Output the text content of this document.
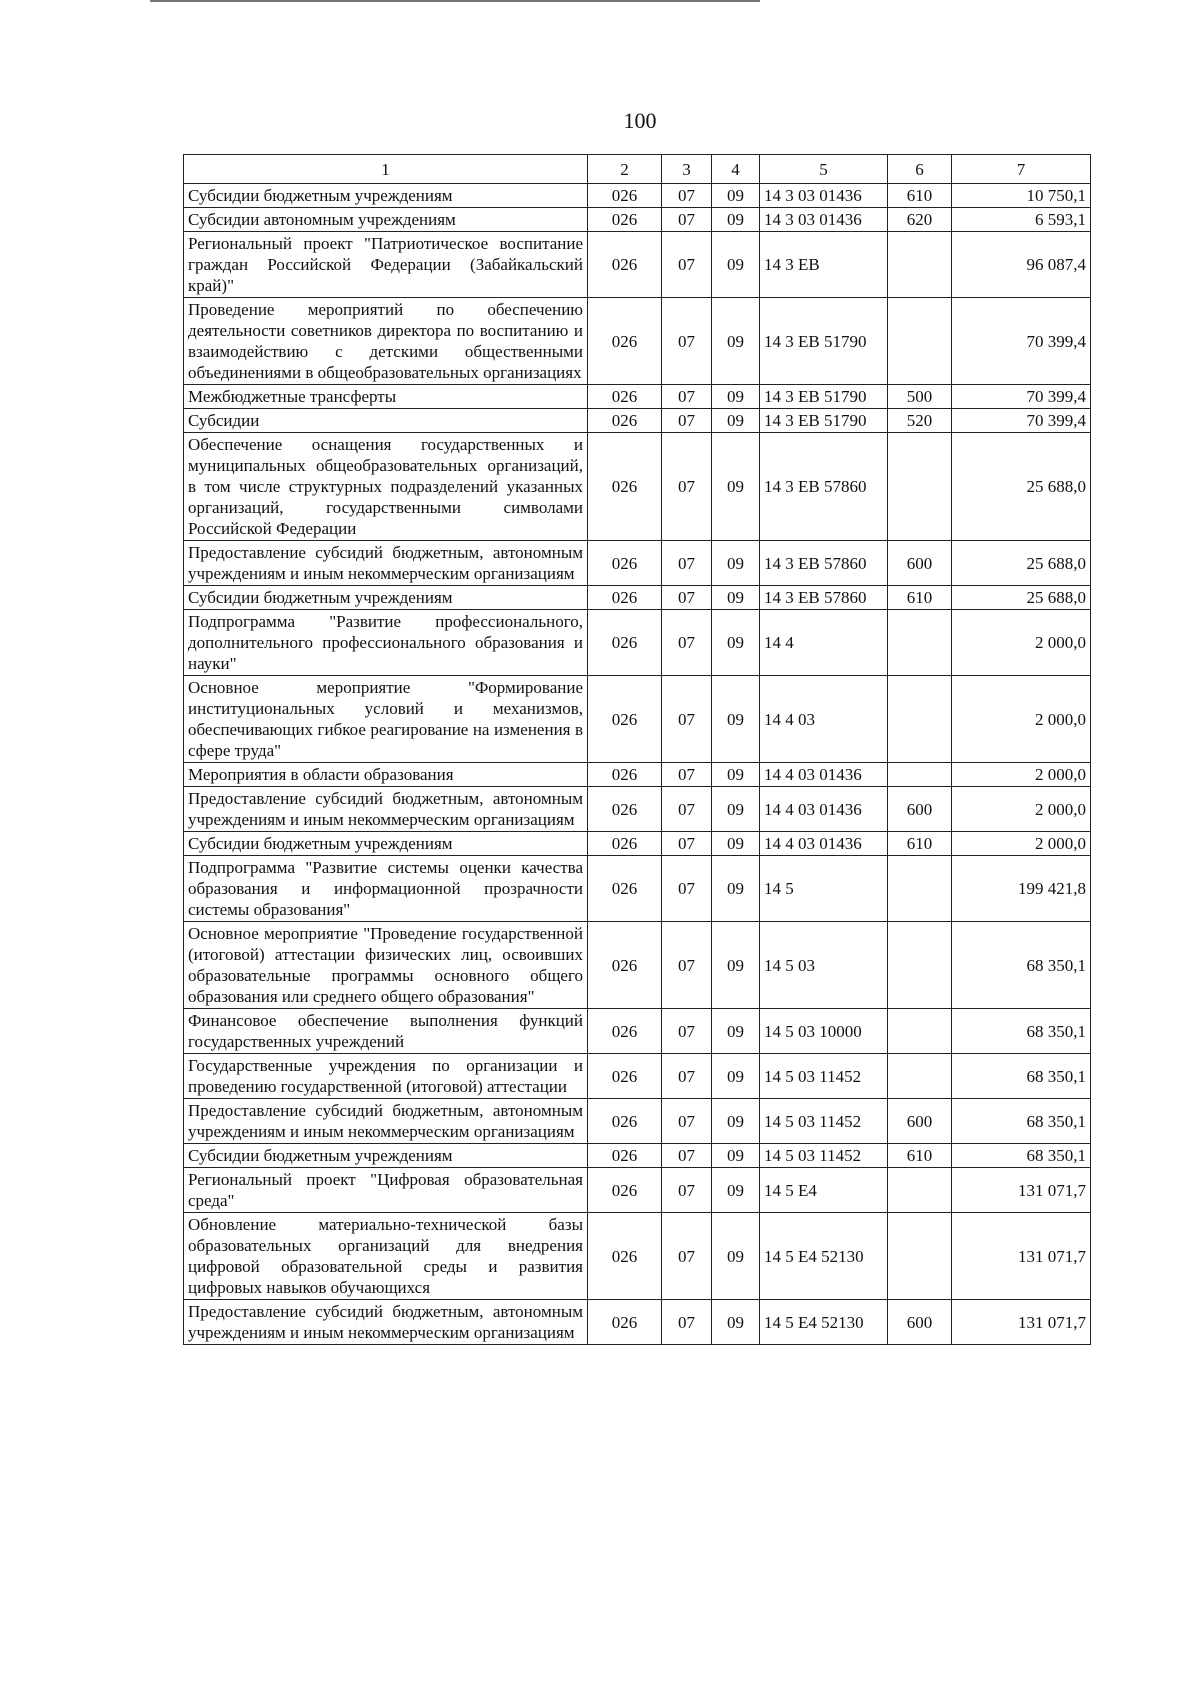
100
1	2	3	4	5	6	7
Субсидии бюджетным учреждениям	026	07	09	14 3 03 01436	610	10 750,1
Субсидии автономным учреждениям	026	07	09	14 3 03 01436	620	6 593,1
Региональный проект "Патриотическое воспитание граждан Российской Федерации (Забайкальский край)"	026	07	09	14 3 EB		96 087,4
Проведение мероприятий по обеспечению деятельности советников директора по воспитанию и взаимодействию с детскими общественными объединениями в общеобразовательных организациях	026	07	09	14 3 EB 51790		70 399,4
Межбюджетные трансферты	026	07	09	14 3 EB 51790	500	70 399,4
Субсидии	026	07	09	14 3 EB 51790	520	70 399,4
Обеспечение оснащения государственных и муниципальных общеобразовательных организаций, в том числе структурных подразделений указанных организаций, государственными символами Российской Федерации	026	07	09	14 3 EB 57860		25 688,0
Предоставление субсидий бюджетным, автономным учреждениям и иным некоммерческим организациям	026	07	09	14 3 EB 57860	600	25 688,0
Субсидии бюджетным учреждениям	026	07	09	14 3 EB 57860	610	25 688,0
Подпрограмма "Развитие профессионального, дополнительного профессионального образования и науки"	026	07	09	14 4		2 000,0
Основное мероприятие "Формирование институциональных условий и механизмов, обеспечивающих гибкое реагирование на изменения в сфере труда"	026	07	09	14 4 03		2 000,0
Мероприятия в области образования	026	07	09	14 4 03 01436		2 000,0
Предоставление субсидий бюджетным, автономным учреждениям и иным некоммерческим организациям	026	07	09	14 4 03 01436	600	2 000,0
Субсидии бюджетным учреждениям	026	07	09	14 4 03 01436	610	2 000,0
Подпрограмма "Развитие системы оценки качества образования и информационной прозрачности системы образования"	026	07	09	14 5		199 421,8
Основное мероприятие "Проведение государственной (итоговой) аттестации физических лиц, освоивших образовательные программы основного общего образования или среднего общего образования"	026	07	09	14 5 03		68 350,1
Финансовое обеспечение выполнения функций государственных учреждений	026	07	09	14 5 03 10000		68 350,1
Государственные учреждения по организации и проведению государственной (итоговой) аттестации	026	07	09	14 5 03 11452		68 350,1
Предоставление субсидий бюджетным, автономным учреждениям и иным некоммерческим организациям	026	07	09	14 5 03 11452	600	68 350,1
Субсидии бюджетным учреждениям	026	07	09	14 5 03 11452	610	68 350,1
Региональный проект "Цифровая образовательная среда"	026	07	09	14 5 E4		131 071,7
Обновление материально-технической базы образовательных организаций для внедрения цифровой образовательной среды и развития цифровых навыков обучающихся	026	07	09	14 5 E4 52130		131 071,7
Предоставление субсидий бюджетным, автономным учреждениям и иным некоммерческим организациям	026	07	09	14 5 E4 52130	600	131 071,7
